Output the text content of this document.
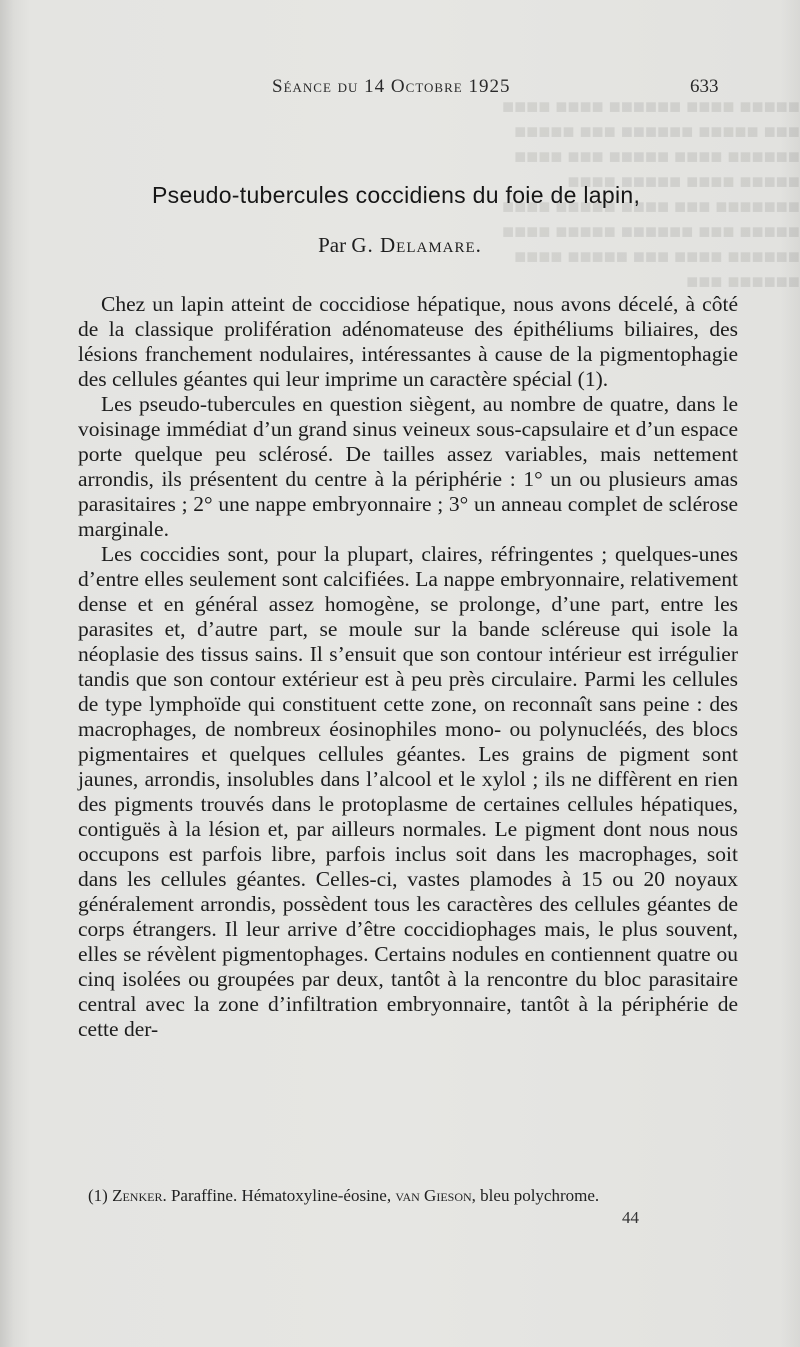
■■■■■ ■■■■ ■■■■■■ ■■■■ ■■■■ ■■■ ■■■■■ ■■■■■■ ■■■ ■■■■■ ■■■■■■ ■■■■ ■■■■■ ■■■ ■■■■ ■■■■■ ■■■■ ■■■■■ ■■■■ ■■■■■■■ ■■■ ■■■■ ■■■■■ ■■■■ ■■■■■ ■■■ ■■■■■■ ■■■■■ ■■■■ ■■■■■■ ■■■■ ■■■ ■■■■■ ■■■■ ■■■■■■ ■■■
Séance du 14 Octobre 1925	633
Pseudo-tubercules coccidiens du foie de lapin,
Par G. Delamare.

Chez un lapin atteint de coccidiose hépatique, nous avons décelé, à côté de la classique prolifération adénomateuse des épithéliums biliaires, des lésions franchement nodulaires, intéressantes à cause de la pigmentophagie des cellules géantes qui leur imprime un caractère spécial (1).

Les pseudo-tubercules en question siègent, au nombre de quatre, dans le voisinage immédiat d’un grand sinus veineux sous-capsulaire et d’un espace porte quelque peu sclérosé. De tailles assez variables, mais nettement arrondis, ils présentent du centre à la périphérie : 1° un ou plusieurs amas parasitaires ; 2° une nappe embryonnaire ; 3° un anneau complet de sclérose marginale.

Les coccidies sont, pour la plupart, claires, réfringentes ; quelques-unes d’entre elles seulement sont calcifiées. La nappe embryonnaire, relativement dense et en général assez homogène, se prolonge, d’une part, entre les parasites et, d’autre part, se moule sur la bande scléreuse qui isole la néoplasie des tissus sains. Il s’ensuit que son contour intérieur est irrégulier tandis que son contour extérieur est à peu près circulaire. Parmi les cellules de type lymphoïde qui constituent cette zone, on reconnaît sans peine : des macrophages, de nombreux éosinophiles mono- ou polynucléés, des blocs pigmentaires et quelques cellules géantes. Les grains de pigment sont jaunes, arrondis, insolubles dans l’alcool et le xylol ; ils ne diffèrent en rien des pigments trouvés dans le protoplasme de certaines cellules hépatiques, contiguës à la lésion et, par ailleurs normales. Le pigment dont nous nous occupons est parfois libre, parfois inclus soit dans les macrophages, soit dans les cellules géantes. Celles-ci, vastes plamodes à 15 ou 20 noyaux généralement arrondis, possèdent tous les caractères des cellules géantes de corps étrangers. Il leur arrive d’être coccidiophages mais, le plus souvent, elles se révèlent pigmentophages. Certains nodules en contiennent quatre ou cinq isolées ou groupées par deux, tantôt à la rencontre du bloc parasitaire central avec la zone d’infiltration embryonnaire, tantôt à la périphérie de cette der-

(1) Zenker. Paraffine. Hématoxyline-éosine, van Gieson, bleu polychrome.
44
